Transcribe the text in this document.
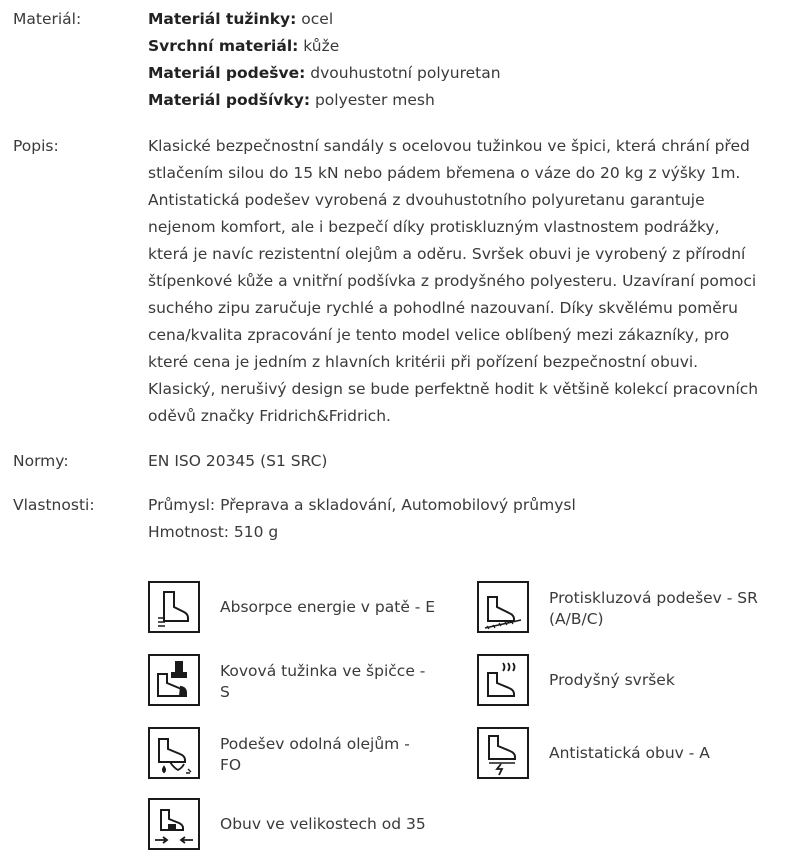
Materiál:	Materiál tužinky: ocel
Svrchní materiál: kůže
Materiál podešve: dvouhustotní polyuretan
Materiál podšívky: polyester mesh
Popis:	Klasické bezpečnostní sandály s ocelovou tužinkou ve špici, která chrání před
stlačením silou do 15 kN nebo pádem břemena o váze do 20 kg z výšky 1m.
Antistatická podešev vyrobená z dvouhustotního polyuretanu garantuje
nejenom komfort, ale i bezpečí díky protiskluzným vlastnostem podrážky,
která je navíc rezistentní olejům a oděru. Svršek obuvi je vyrobený z přírodní
štípenkové kůže a vnitřní podšívka z prodyšného polyesteru. Uzavíraní pomoci
suchého zipu zaručuje rychlé a pohodlné nazouvaní. Díky skvělému poměru
cena/kvalita zpracování je tento model velice oblíbený mezi zákazníky, pro
které cena je jedním z hlavních kritérii při pořízení bezpečnostní obuvi.
Klasický, nerušivý design se bude perfektně hodit k většině kolekcí pracovních
oděvů značky Fridrich&Fridrich.
Normy:	EN ISO 20345 (S1 SRC)
Vlastnosti:	Průmysl: Přeprava a skladování, Automobilový průmysl
Hmotnost: 510 g
Absorpce energie v patě - E	Protiskluzová podešev - SR
(A/B/C)
Kovová tužinka ve špičce -
S
Prodyšný svršek
Podešev odolná olejům -
FO
Antistatická obuv - A
Obuv ve velikostech od 35
